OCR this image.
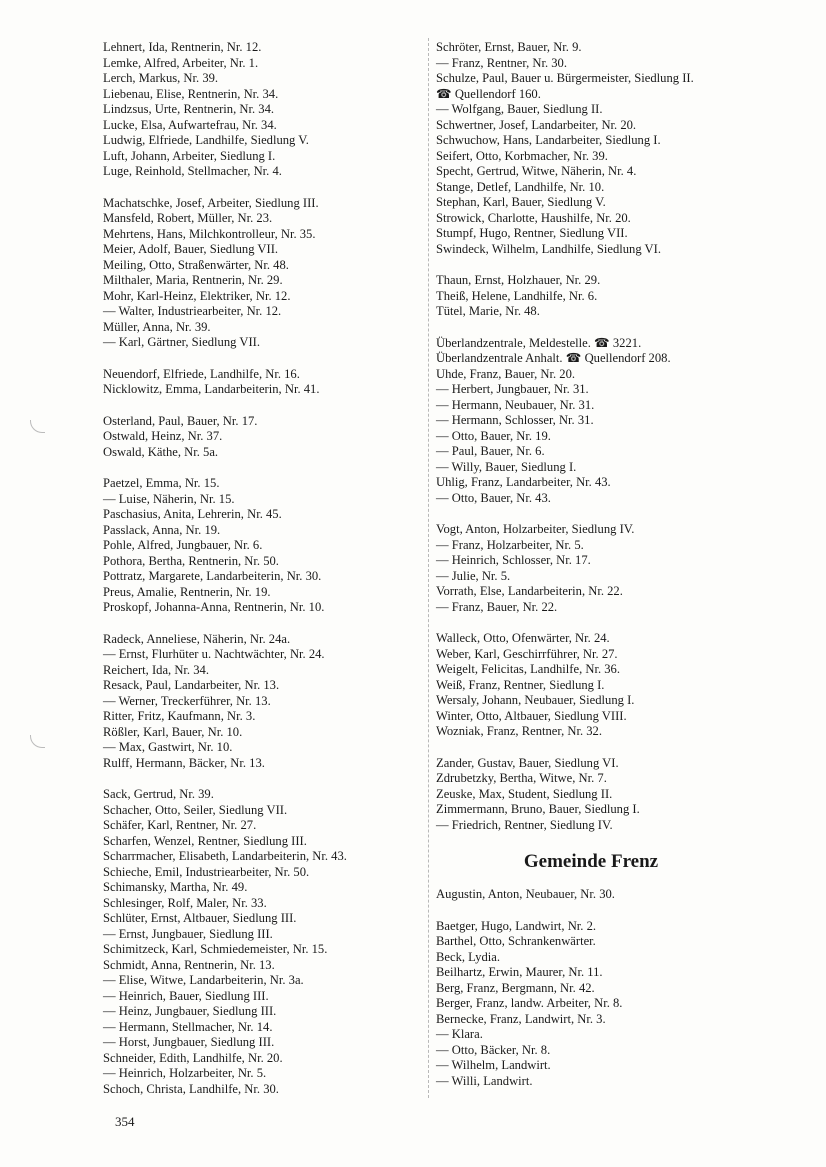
Lehnert, Ida, Rentnerin, Nr. 12.
Lemke, Alfred, Arbeiter, Nr. 1.
Lerch, Markus, Nr. 39.
Liebenau, Elise, Rentnerin, Nr. 34.
Lindzsus, Urte, Rentnerin, Nr. 34.
Lucke, Elsa, Aufwartefrau, Nr. 34.
Ludwig, Elfriede, Landhilfe, Siedlung V.
Luft, Johann, Arbeiter, Siedlung I.
Luge, Reinhold, Stellmacher, Nr. 4.
Machatschke, Josef, Arbeiter, Siedlung III.
Mansfeld, Robert, Müller, Nr. 23.
Mehrtens, Hans, Milchkontrolleur, Nr. 35.
Meier, Adolf, Bauer, Siedlung VII.
Meiling, Otto, Straßenwärter, Nr. 48.
Milthaler, Maria, Rentnerin, Nr. 29.
Mohr, Karl-Heinz, Elektriker, Nr. 12.
— Walter, Industriearbeiter, Nr. 12.
Müller, Anna, Nr. 39.
— Karl, Gärtner, Siedlung VII.
Neuendorf, Elfriede, Landhilfe, Nr. 16.
Nicklowitz, Emma, Landarbeiterin, Nr. 41.
Osterland, Paul, Bauer, Nr. 17.
Ostwald, Heinz, Nr. 37.
Oswald, Käthe, Nr. 5a.
Paetzel, Emma, Nr. 15.
— Luise, Näherin, Nr. 15.
Paschasius, Anita, Lehrerin, Nr. 45.
Passlack, Anna, Nr. 19.
Pohle, Alfred, Jungbauer, Nr. 6.
Pothora, Bertha, Rentnerin, Nr. 50.
Pottratz, Margarete, Landarbeiterin, Nr. 30.
Preus, Amalie, Rentnerin, Nr. 19.
Proskopf, Johanna-Anna, Rentnerin, Nr. 10.
Radeck, Anneliese, Näherin, Nr. 24a.
— Ernst, Flurhüter u. Nachtwächter, Nr. 24.
Reichert, Ida, Nr. 34.
Resack, Paul, Landarbeiter, Nr. 13.
— Werner, Treckerführer, Nr. 13.
Ritter, Fritz, Kaufmann, Nr. 3.
Rößler, Karl, Bauer, Nr. 10.
— Max, Gastwirt, Nr. 10.
Rulff, Hermann, Bäcker, Nr. 13.
Sack, Gertrud, Nr. 39.
Schacher, Otto, Seiler, Siedlung VII.
Schäfer, Karl, Rentner, Nr. 27.
Scharfen, Wenzel, Rentner, Siedlung III.
Scharrmacher, Elisabeth, Landarbeiterin, Nr. 43.
Schieche, Emil, Industriearbeiter, Nr. 50.
Schimansky, Martha, Nr. 49.
Schlesinger, Rolf, Maler, Nr. 33.
Schlüter, Ernst, Altbauer, Siedlung III.
— Ernst, Jungbauer, Siedlung III.
Schimitzeck, Karl, Schmiedemeister, Nr. 15.
Schmidt, Anna, Rentnerin, Nr. 13.
— Elise, Witwe, Landarbeiterin, Nr. 3a.
— Heinrich, Bauer, Siedlung III.
— Heinz, Jungbauer, Siedlung III.
— Hermann, Stellmacher, Nr. 14.
— Horst, Jungbauer, Siedlung III.
Schneider, Edith, Landhilfe, Nr. 20.
— Heinrich, Holzarbeiter, Nr. 5.
Schoch, Christa, Landhilfe, Nr. 30.
Schröter, Ernst, Bauer, Nr. 9.
— Franz, Rentner, Nr. 30.
Schulze, Paul, Bauer u. Bürgermeister, Siedlung II.
☎ Quellendorf 160.
— Wolfgang, Bauer, Siedlung II.
Schwertner, Josef, Landarbeiter, Nr. 20.
Schwuchow, Hans, Landarbeiter, Siedlung I.
Seifert, Otto, Korbmacher, Nr. 39.
Specht, Gertrud, Witwe, Näherin, Nr. 4.
Stange, Detlef, Landhilfe, Nr. 10.
Stephan, Karl, Bauer, Siedlung V.
Strowick, Charlotte, Haushilfe, Nr. 20.
Stumpf, Hugo, Rentner, Siedlung VII.
Swindeck, Wilhelm, Landhilfe, Siedlung VI.
Thaun, Ernst, Holzhauer, Nr. 29.
Theiß, Helene, Landhilfe, Nr. 6.
Tütel, Marie, Nr. 48.
Überlandzentrale, Meldestelle. ☎ 3221.
Überlandzentrale Anhalt. ☎ Quellendorf 208.
Uhde, Franz, Bauer, Nr. 20.
— Herbert, Jungbauer, Nr. 31.
— Hermann, Neubauer, Nr. 31.
— Hermann, Schlosser, Nr. 31.
— Otto, Bauer, Nr. 19.
— Paul, Bauer, Nr. 6.
— Willy, Bauer, Siedlung I.
Uhlig, Franz, Landarbeiter, Nr. 43.
— Otto, Bauer, Nr. 43.
Vogt, Anton, Holzarbeiter, Siedlung IV.
— Franz, Holzarbeiter, Nr. 5.
— Heinrich, Schlosser, Nr. 17.
— Julie, Nr. 5.
Vorrath, Else, Landarbeiterin, Nr. 22.
— Franz, Bauer, Nr. 22.
Walleck, Otto, Ofenwärter, Nr. 24.
Weber, Karl, Geschirrführer, Nr. 27.
Weigelt, Felicitas, Landhilfe, Nr. 36.
Weiß, Franz, Rentner, Siedlung I.
Wersaly, Johann, Neubauer, Siedlung I.
Winter, Otto, Altbauer, Siedlung VIII.
Wozniak, Franz, Rentner, Nr. 32.
Zander, Gustav, Bauer, Siedlung VI.
Zdrubetzky, Bertha, Witwe, Nr. 7.
Zeuske, Max, Student, Siedlung II.
Zimmermann, Bruno, Bauer, Siedlung I.
— Friedrich, Rentner, Siedlung IV.
Gemeinde Frenz
Augustin, Anton, Neubauer, Nr. 30.
Baetger, Hugo, Landwirt, Nr. 2.
Barthel, Otto, Schrankenwärter.
Beck, Lydia.
Beilhartz, Erwin, Maurer, Nr. 11.
Berg, Franz, Bergmann, Nr. 42.
Berger, Franz, landw. Arbeiter, Nr. 8.
Bernecke, Franz, Landwirt, Nr. 3.
— Klara.
— Otto, Bäcker, Nr. 8.
— Wilhelm, Landwirt.
— Willi, Landwirt.
354
